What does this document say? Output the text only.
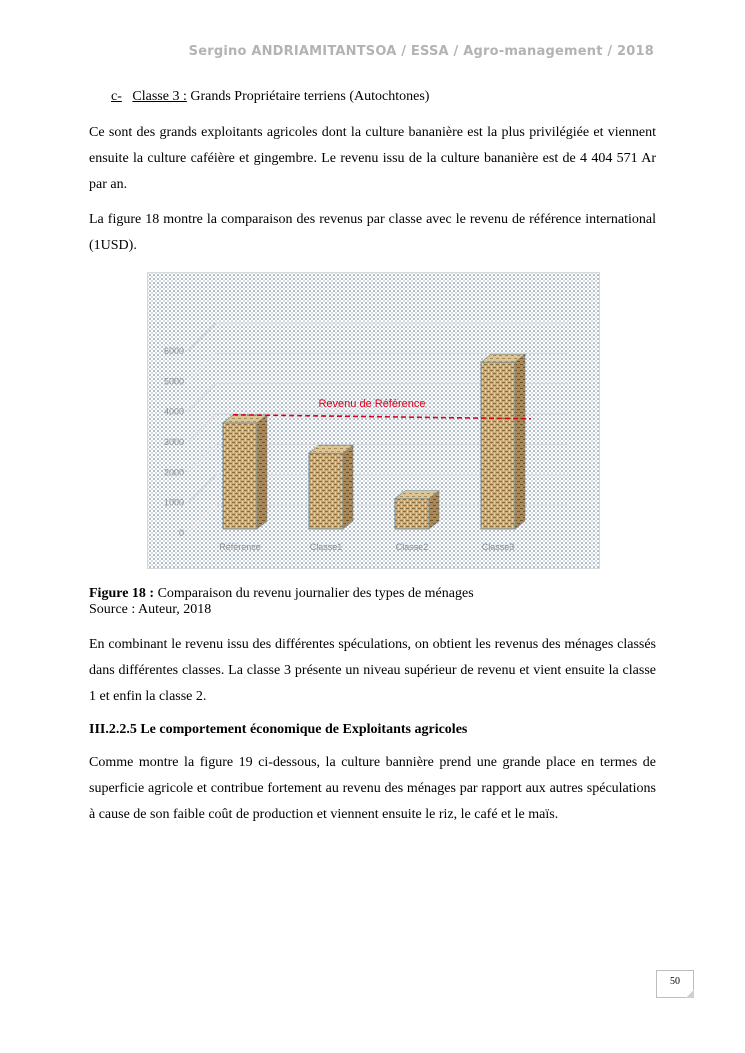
Sergino ANDRIAMITANTSOA / ESSA / Agro-management / 2018
c- Classe 3 : Grands Propriétaire terriens (Autochtones)
Ce sont des grands exploitants agricoles dont la culture bananière est la plus privilégiée et viennent ensuite la culture caféière et gingembre. Le revenu issu de la culture bananière est de 4 404 571 Ar par an.
La figure 18 montre la comparaison des revenus par classe avec le revenu de référence international (1USD).
0
1000
2000
3000
4000
5000
6000
Référence	Classe1	Classe2	Classe3
Revenu de Référence
Figure 18 : Comparaison du revenu journalier des types de ménages
Source : Auteur, 2018
En combinant le revenu issu des différentes spéculations, on obtient les revenus des ménages classés dans différentes classes. La classe 3 présente un niveau supérieur de revenu et vient ensuite la classe 1 et enfin la classe 2.
III.2.2.5 Le comportement économique de Exploitants agricoles
Comme montre la figure 19 ci-dessous, la culture bannière prend une grande place en termes de superficie agricole et contribue fortement au revenu des ménages par rapport aux autres spéculations à cause de son faible coût de production et viennent ensuite le riz, le café et le maïs.
50
